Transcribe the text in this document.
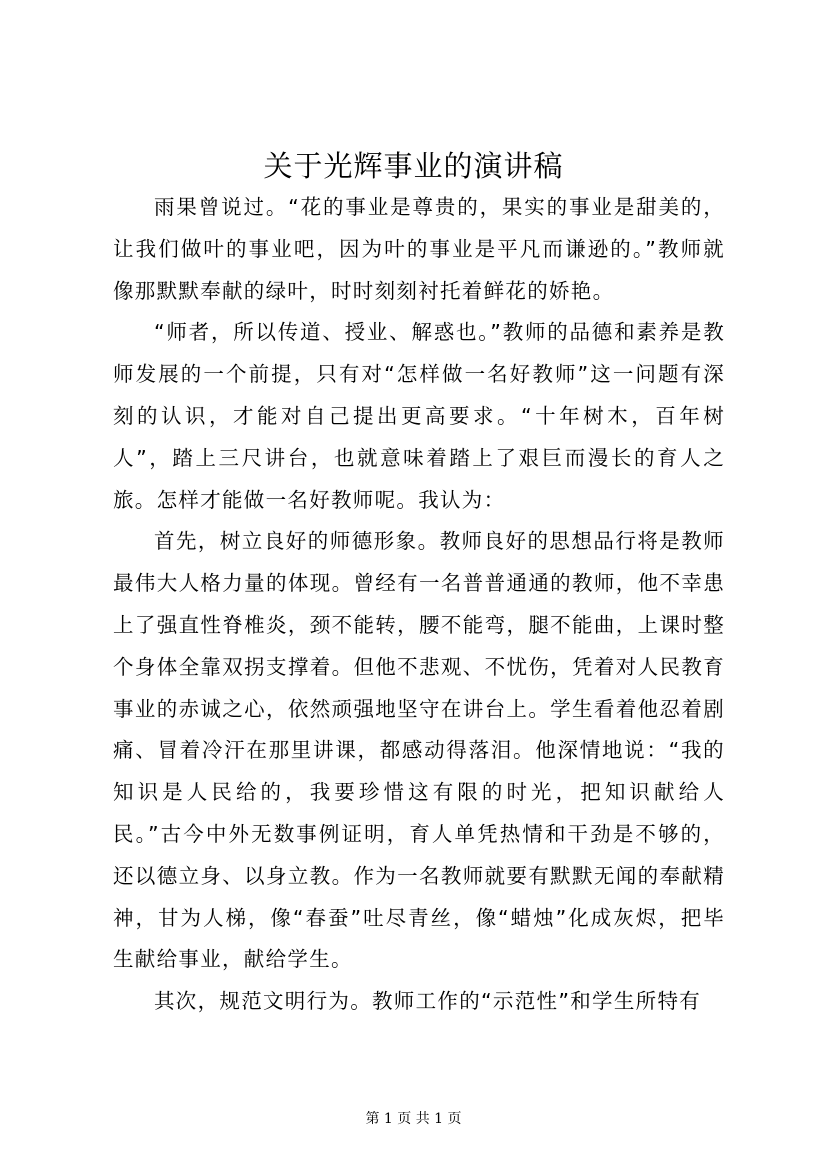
关于光辉事业的演讲稿

雨果曾说过。“花的事业是尊贵的，果实的事业是甜美的，让我们做叶的事业吧，因为叶的事业是平凡而谦逊的。”教师就像那默默奉献的绿叶，时时刻刻衬托着鲜花的娇艳。

“师者，所以传道、授业、解惑也。”教师的品德和素养是教师发展的一个前提，只有对“怎样做一名好教师”这一问题有深刻的认识，才能对自己提出更高要求。“十年树木，百年树人”，踏上三尺讲台，也就意味着踏上了艰巨而漫长的育人之旅。怎样才能做一名好教师呢。我认为：

首先，树立良好的师德形象。教师良好的思想品行将是教师最伟大人格力量的体现。曾经有一名普普通通的教师，他不幸患上了强直性脊椎炎，颈不能转，腰不能弯，腿不能曲，上课时整个身体全靠双拐支撑着。但他不悲观、不忧伤，凭着对人民教育事业的赤诚之心，依然顽强地坚守在讲台上。学生看着他忍着剧痛、冒着冷汗在那里讲课，都感动得落泪。他深情地说：“我的知识是人民给的，我要珍惜这有限的时光，把知识献给人民。”古今中外无数事例证明，育人单凭热情和干劲是不够的，还以德立身、以身立教。作为一名教师就要有默默无闻的奉献精神，甘为人梯，像“春蚕”吐尽青丝，像“蜡烛”化成灰烬，把毕生献给事业，献给学生。

其次，规范文明行为。教师工作的“示范性”和学生所特有

第 1 页 共 1 页
